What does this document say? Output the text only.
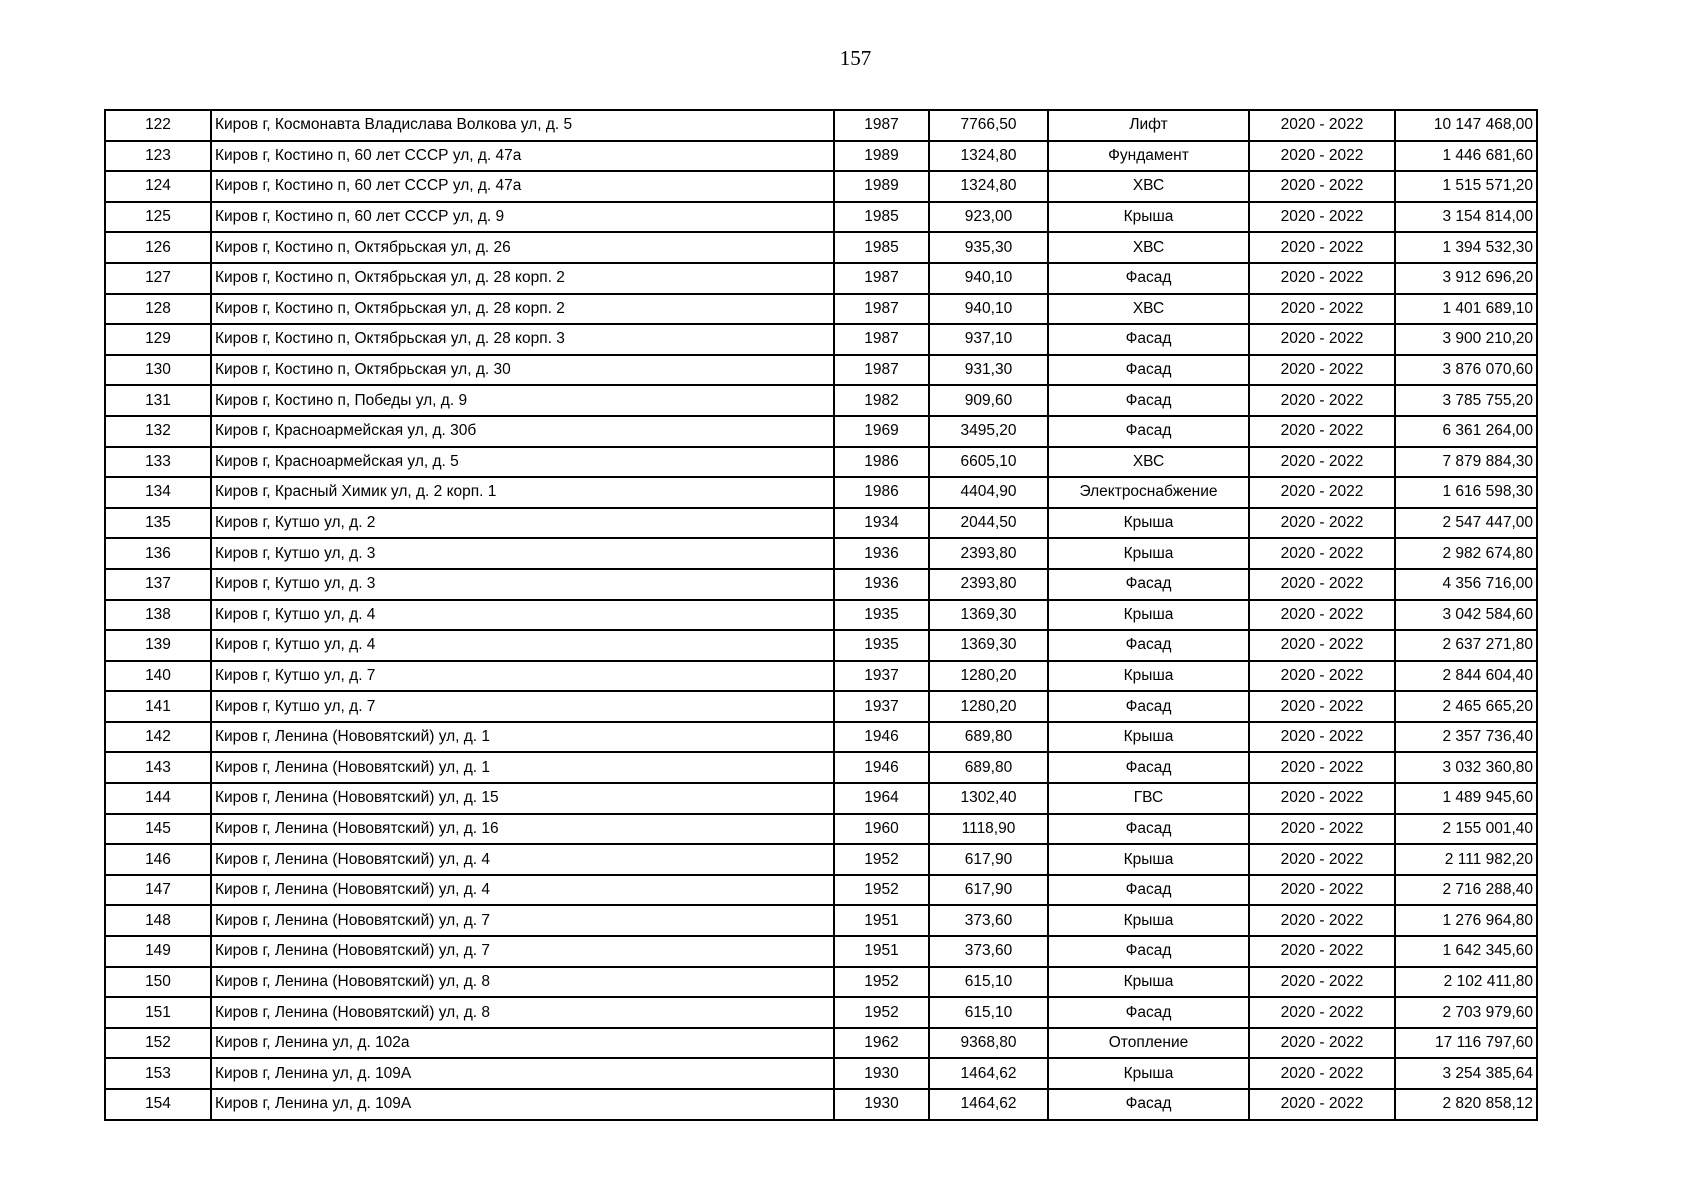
157
122	Киров г, Космонавта Владислава Волкова ул, д. 5	1987	7766,50	Лифт	2020 - 2022	10 147 468,00
123	Киров г, Костино п, 60 лет СССР ул, д. 47а	1989	1324,80	Фундамент	2020 - 2022	1 446 681,60
124	Киров г, Костино п, 60 лет СССР ул, д. 47а	1989	1324,80	ХВС	2020 - 2022	1 515 571,20
125	Киров г, Костино п, 60 лет СССР ул, д. 9	1985	923,00	Крыша	2020 - 2022	3 154 814,00
126	Киров г, Костино п, Октябрьская ул, д. 26	1985	935,30	ХВС	2020 - 2022	1 394 532,30
127	Киров г, Костино п, Октябрьская ул, д. 28 корп. 2	1987	940,10	Фасад	2020 - 2022	3 912 696,20
128	Киров г, Костино п, Октябрьская ул, д. 28 корп. 2	1987	940,10	ХВС	2020 - 2022	1 401 689,10
129	Киров г, Костино п, Октябрьская ул, д. 28 корп. 3	1987	937,10	Фасад	2020 - 2022	3 900 210,20
130	Киров г, Костино п, Октябрьская ул, д. 30	1987	931,30	Фасад	2020 - 2022	3 876 070,60
131	Киров г, Костино п, Победы ул, д. 9	1982	909,60	Фасад	2020 - 2022	3 785 755,20
132	Киров г, Красноармейская ул, д. 30б	1969	3495,20	Фасад	2020 - 2022	6 361 264,00
133	Киров г, Красноармейская ул, д. 5	1986	6605,10	ХВС	2020 - 2022	7 879 884,30
134	Киров г, Красный Химик ул, д. 2 корп. 1	1986	4404,90	Электроснабжение	2020 - 2022	1 616 598,30
135	Киров г, Кутшо ул, д. 2	1934	2044,50	Крыша	2020 - 2022	2 547 447,00
136	Киров г, Кутшо ул, д. 3	1936	2393,80	Крыша	2020 - 2022	2 982 674,80
137	Киров г, Кутшо ул, д. 3	1936	2393,80	Фасад	2020 - 2022	4 356 716,00
138	Киров г, Кутшо ул, д. 4	1935	1369,30	Крыша	2020 - 2022	3 042 584,60
139	Киров г, Кутшо ул, д. 4	1935	1369,30	Фасад	2020 - 2022	2 637 271,80
140	Киров г, Кутшо ул, д. 7	1937	1280,20	Крыша	2020 - 2022	2 844 604,40
141	Киров г, Кутшо ул, д. 7	1937	1280,20	Фасад	2020 - 2022	2 465 665,20
142	Киров г, Ленина (Нововятский) ул, д. 1	1946	689,80	Крыша	2020 - 2022	2 357 736,40
143	Киров г, Ленина (Нововятский) ул, д. 1	1946	689,80	Фасад	2020 - 2022	3 032 360,80
144	Киров г, Ленина (Нововятский) ул, д. 15	1964	1302,40	ГВС	2020 - 2022	1 489 945,60
145	Киров г, Ленина (Нововятский) ул, д. 16	1960	1118,90	Фасад	2020 - 2022	2 155 001,40
146	Киров г, Ленина (Нововятский) ул, д. 4	1952	617,90	Крыша	2020 - 2022	2 111 982,20
147	Киров г, Ленина (Нововятский) ул, д. 4	1952	617,90	Фасад	2020 - 2022	2 716 288,40
148	Киров г, Ленина (Нововятский) ул, д. 7	1951	373,60	Крыша	2020 - 2022	1 276 964,80
149	Киров г, Ленина (Нововятский) ул, д. 7	1951	373,60	Фасад	2020 - 2022	1 642 345,60
150	Киров г, Ленина (Нововятский) ул, д. 8	1952	615,10	Крыша	2020 - 2022	2 102 411,80
151	Киров г, Ленина (Нововятский) ул, д. 8	1952	615,10	Фасад	2020 - 2022	2 703 979,60
152	Киров г, Ленина ул, д. 102а	1962	9368,80	Отопление	2020 - 2022	17 116 797,60
153	Киров г, Ленина ул, д. 109А	1930	1464,62	Крыша	2020 - 2022	3 254 385,64
154	Киров г, Ленина ул, д. 109А	1930	1464,62	Фасад	2020 - 2022	2 820 858,12
